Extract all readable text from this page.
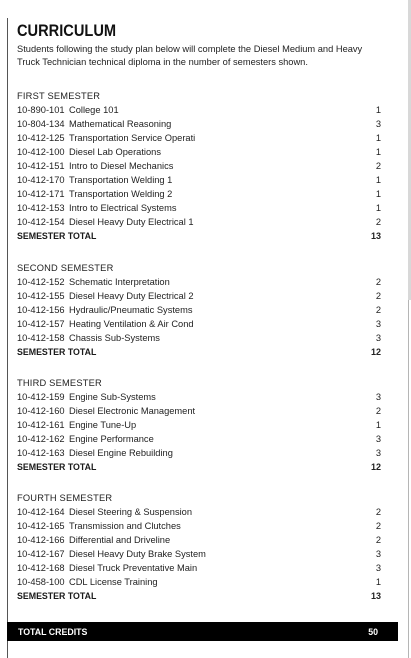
CURRICULUM
Students following the study plan below will complete the Diesel Medium and Heavy Truck Technician technical diploma in the number of semesters shown.
FIRST SEMESTER
10-890-101 College 101	1
10-804-134 Mathematical Reasoning	3
10-412-125 Transportation Service Operati	1
10-412-100 Diesel Lab Operations	1
10-412-151 Intro to Diesel Mechanics	2
10-412-170 Transportation Welding 1	1
10-412-171 Transportation Welding 2	1
10-412-153 Intro to Electrical Systems	1
10-412-154 Diesel Heavy Duty Electrical 1	2
SEMESTER TOTAL	13
SECOND SEMESTER
10-412-152 Schematic Interpretation	2
10-412-155 Diesel Heavy Duty Electrical 2	2
10-412-156 Hydraulic/Pneumatic Systems	2
10-412-157 Heating Ventilation & Air Cond	3
10-412-158 Chassis Sub-Systems	3
SEMESTER TOTAL	12
THIRD SEMESTER
10-412-159 Engine Sub-Systems	3
10-412-160 Diesel Electronic Management	2
10-412-161 Engine Tune-Up	1
10-412-162 Engine Performance	3
10-412-163 Diesel Engine Rebuilding	3
SEMESTER TOTAL	12
FOURTH SEMESTER
10-412-164 Diesel Steering & Suspension	2
10-412-165 Transmission and Clutches	2
10-412-166 Differential and Driveline	2
10-412-167 Diesel Heavy Duty Brake System	3
10-412-168 Diesel Truck Preventative Main	3
10-458-100 CDL License Training	1
SEMESTER TOTAL	13
TOTAL CREDITS	50
